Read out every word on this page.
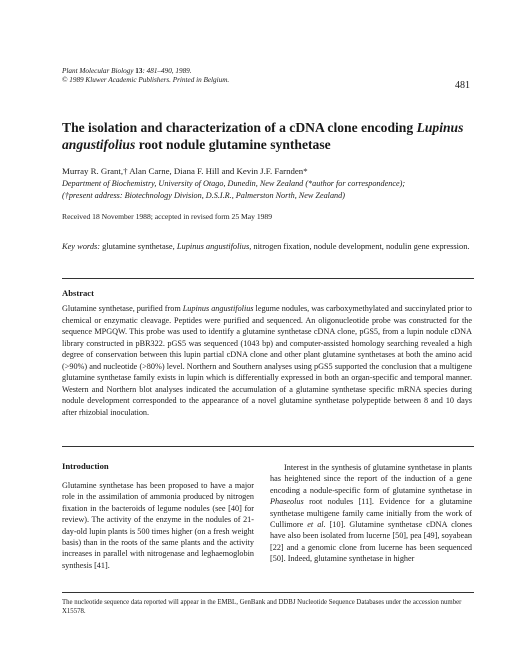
Plant Molecular Biology 13: 481–490, 1989.
© 1989 Kluwer Academic Publishers. Printed in Belgium.	481
The isolation and characterization of a cDNA clone encoding Lupinus angustifolius root nodule glutamine synthetase
Murray R. Grant,† Alan Carne, Diana F. Hill and Kevin J.F. Farnden*
Department of Biochemistry, University of Otago, Dunedin, New Zealand (*author for correspondence);
(†present address: Biotechnology Division, D.S.I.R., Palmerston North, New Zealand)
Received 18 November 1988; accepted in revised form 25 May 1989
Key words: glutamine synthetase, Lupinus angustifolius, nitrogen fixation, nodule development, nodulin gene expression.
Abstract
Glutamine synthetase, purified from Lupinus angustifolius legume nodules, was carboxymethylated and succinylated prior to chemical or enzymatic cleavage. Peptides were purified and sequenced. An oligonucleotide probe was constructed for the sequence MPGQW. This probe was used to identify a glutamine synthetase cDNA clone, pGS5, from a lupin nodule cDNA library constructed in pBR322. pGS5 was sequenced (1043 bp) and computer-assisted homology searching revealed a high degree of conservation between this lupin partial cDNA clone and other plant glutamine synthetases at both the amino acid (>90%) and nucleotide (>80%) level. Northern and Southern analyses using pGS5 supported the conclusion that a multigene glutamine synthetase family exists in lupin which is differentially expressed in both an organ-specific and temporal manner. Western and Northern blot analyses indicated the accumulation of a glutamine synthetase specific mRNA species during nodule development corresponded to the appearance of a novel glutamine synthetase polypeptide between 8 and 10 days after rhizobial inoculation.
Introduction

Glutamine synthetase has been proposed to have a major role in the assimilation of ammonia produced by nitrogen fixation in the bacteroids of legume nodules (see [40] for review). The activity of the enzyme in the nodules of 21-day-old lupin plants is 500 times higher (on a fresh weight basis) than in the roots of the same plants and the activity increases in parallel with nitrogenase and leghaemoglobin synthesis [41].

Interest in the synthesis of glutamine synthetase in plants has heightened since the report of the induction of a gene encoding a nodule-specific form of glutamine synthetase in Phaseolus root nodules [11]. Evidence for a glutamine synthetase multigene family came initially from the work of Cullimore et al. [10]. Glutamine synthetase cDNA clones have also been isolated from lucerne [50], pea [49], soyabean [22] and a genomic clone from lucerne has been sequenced [50]. Indeed, glutamine synthetase in higher

The nucleotide sequence data reported will appear in the EMBL, GenBank and DDBJ Nucleotide Sequence Databases under the accession number X15578.
